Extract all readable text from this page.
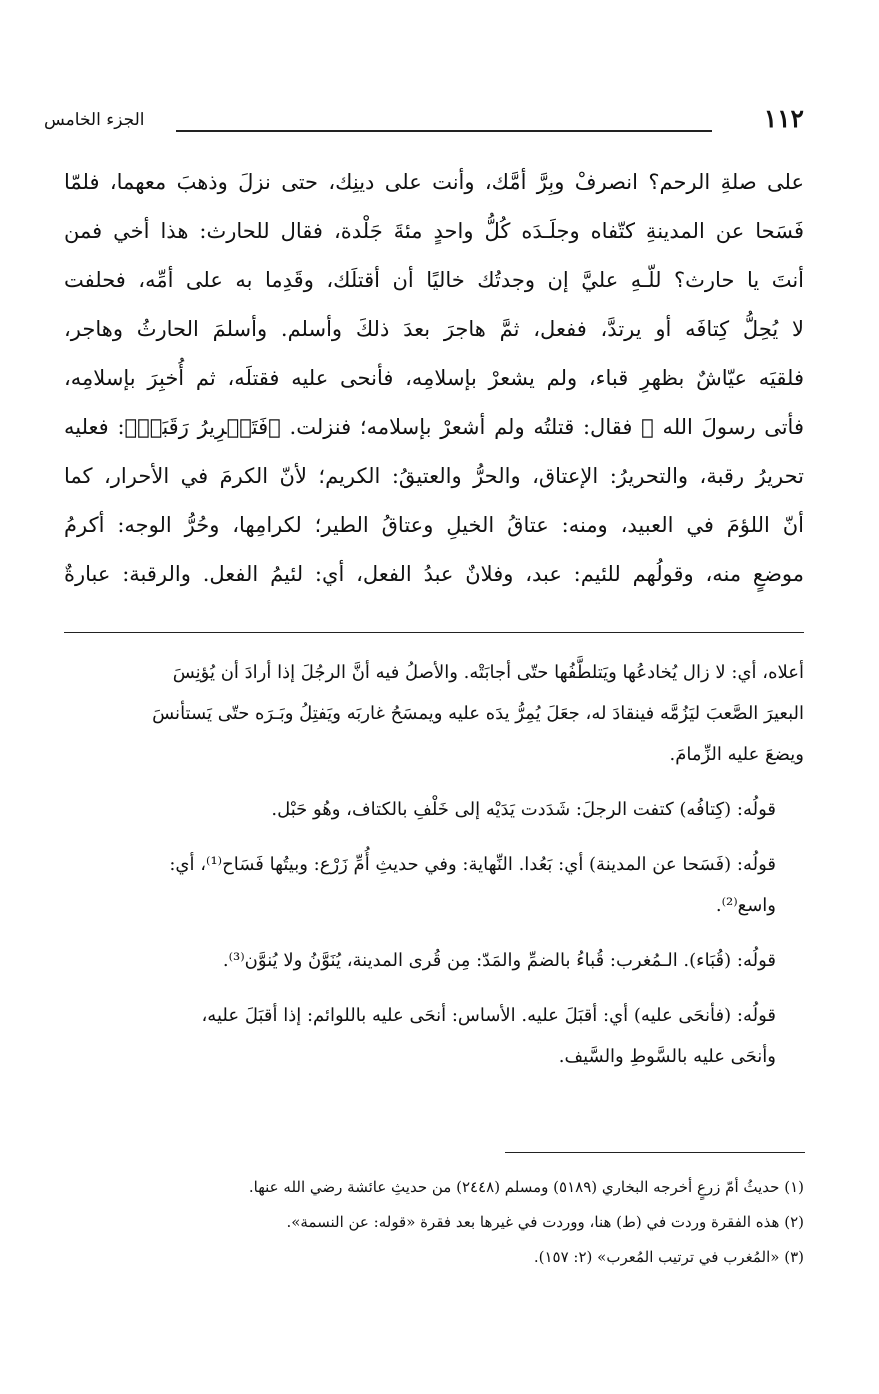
الجزء الخامس	١١٢
على صلةِ الرحم؟ انصرفْ وبِرَّ أمَّك، وأنت على دينِك، حتى نزلَ وذهبَ معهما، فلمّا
فَسَحا عن المدينةِ كتّفاه وجلَـدَه كُلُّ واحدٍ مئةَ جَلْدة، فقال للحارث: هذا أخي فمن
أنتَ يا حارث؟ للّـهِ عليَّ إن وجدتُك خاليًا أن أقتلَك، وقَدِما به على أمِّه، فحلفت
لا يُحِلُّ كِتافَه أو يرتدَّ، ففعل، ثمَّ هاجرَ بعدَ ذلكَ وأسلم. وأسلمَ الحارثُ وهاجر،
فلقيَه عيّاشٌ بظهرِ قباء، ولم يشعرْ بإسلامِه، فأنحى عليه فقتلَه، ثم أُخبِرَ بإسلامِه،
فأتى رسولَ الله ﷺ فقال: قتلتُه ولم أشعرْ بإسلامه؛ فنزلت. ﴿فَتَحۡرِيرُ رَقَبَةٖ﴾: فعليه
تحريرُ رقبة، والتحريرُ: الإعتاق، والحرُّ والعتيقُ: الكريم؛ لأنّ الكرمَ في الأحرار، كما
أنّ اللؤمَ في العبيد، ومنه: عتاقُ الخيلِ وعتاقُ الطير؛ لكرامِها، وحُرُّ الوجه: أكرمُ
موضعٍ منه، وقولُهم للئيم: عبد، وفلانٌ عبدُ الفعل، أي: لئيمُ الفعل. والرقبة: عبارةٌ
أعلاه، أي: لا زال يُخادعُها ويَتلطَّفُها حتّى أجابَتْه. والأصلُ فيه أنَّ الرجُلَ إذا أرادَ أن يُؤنِسَ
البعيرَ الصَّعبَ ليَزُمَّه فينقادَ له، جعَلَ يُمِرُّ يدَه عليه ويمسَحُ غاربَه ويَفتِلُ وبَـرَه حتّى يَستأنسَ
ويضعَ عليه الزِّمامَ.
قولُه: (كِتافُه) كتفت الرجلَ: شَدَدت يَدَيْه إلى خَلْفِ بالكتاف، وهُو حَبْل.
قولُه: (فَسَحا عن المدينة) أي: بَعُدا. النِّهاية: وفي حديثِ أُمِّ زَرْع: وبيتُها فَسَاح⁽¹⁾، أي:
واسع⁽²⁾.
قولُه: (قُبَاء). الـمُغرب: قُباءُ بالضمِّ والمَدّ: مِن قُرى المدينة، يُنَوَّنُ ولا يُنوَّن⁽³⁾.
قولُه: (فأنحَى عليه) أي: أقبَلَ عليه. الأساس: أنحَى عليه باللوائم: إذا أقبَلَ عليه،
وأنحَى عليه بالسَّوطِ والسَّيف.
(١) حديثُ أمّ زرعٍ أخرجه البخاري (٥١٨٩) ومسلم (٢٤٤٨) من حديثِ عائشة رضي الله عنها.
(٢) هذه الفقرة وردت في (ط) هنا، ووردت في غيرها بعد فقرة «قوله: عن النسمة».
(٣) «المُغرب في ترتيب المُعرب» (٢: ١٥٧).
